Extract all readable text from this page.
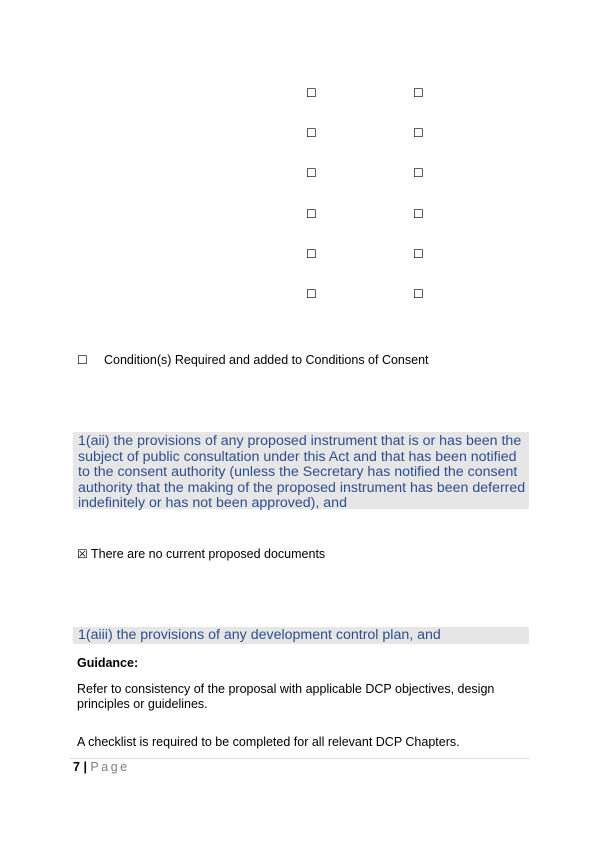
☐	☐
☐	☐
☐	☐
☐	☐
☐	☐
☐	☐
☐ Condition(s) Required and added to Conditions of Consent
1(aii) the provisions of any proposed instrument that is or has been the subject of public consultation under this Act and that has been notified to the consent authority (unless the Secretary has notified the consent authority that the making of the proposed instrument has been deferred indefinitely or has not been approved), and
☒ There are no current proposed documents
1(aiii) the provisions of any development control plan, and
Guidance:
Refer to consistency of the proposal with applicable DCP objectives, design principles or guidelines.
A checklist is required to be completed for all relevant DCP Chapters.
7 | Page
